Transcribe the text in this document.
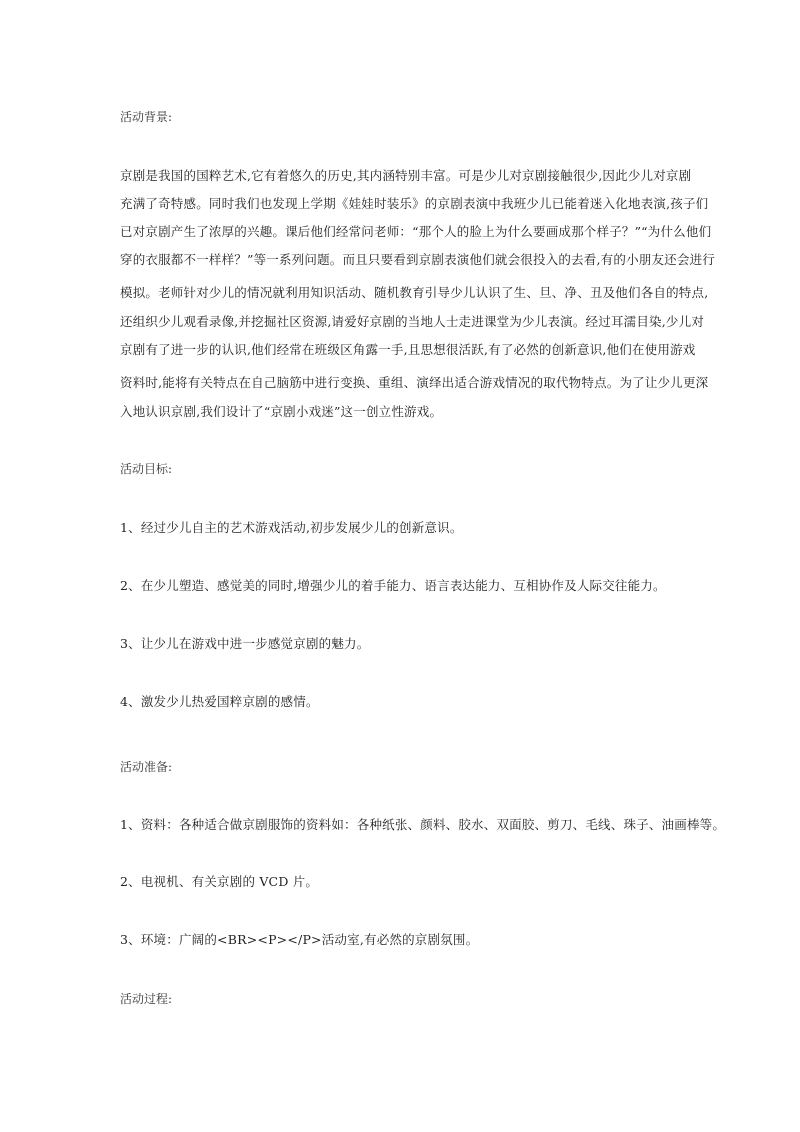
活动背景:
京剧是我国的国粹艺术,它有着悠久的历史,其内涵特别丰富。可是少儿对京剧接触很少,因此少儿对京剧
充满了奇特感。同时我们也发现上学期《娃娃时装乐》的京剧表演中我班少儿已能着迷入化地表演,孩子们
已对京剧产生了浓厚的兴趣。课后他们经常问老师：“那个人的脸上为什么要画成那个样子？”“为什么他们
穿的衣服都不一样样？”等一系列问题。而且只要看到京剧表演他们就会很投入的去看,有的小朋友还会进行
模拟。老师针对少儿的情况就利用知识活动、随机教育引导少儿认识了生、旦、净、丑及他们各自的特点,
还组织少儿观看录像,并挖掘社区资源,请爱好京剧的当地人士走进课堂为少儿表演。经过耳濡目染,少儿对
京剧有了进一步的认识,他们经常在班级区角露一手,且思想很活跃,有了必然的创新意识,他们在使用游戏
资料时,能将有关特点在自己脑筋中进行变换、重组、演绎出适合游戏情况的取代物特点。为了让少儿更深
入地认识京剧,我们设计了“京剧小戏迷”这一创立性游戏。
活动目标:
1、经过少儿自主的艺术游戏活动,初步发展少儿的创新意识。
2、在少儿塑造、感觉美的同时,增强少儿的着手能力、语言表达能力、互相协作及人际交往能力。
3、让少儿在游戏中进一步感觉京剧的魅力。
4、激发少儿热爱国粹京剧的感情。
活动准备:
1、资料：各种适合做京剧服饰的资料如：各种纸张、颜料、胶水、双面胶、剪刀、毛线、珠子、油画棒等。
2、电视机、有关京剧的 VCD 片。
3、环境：广阔的<BR><P></P>活动室,有必然的京剧氛围。
活动过程:
